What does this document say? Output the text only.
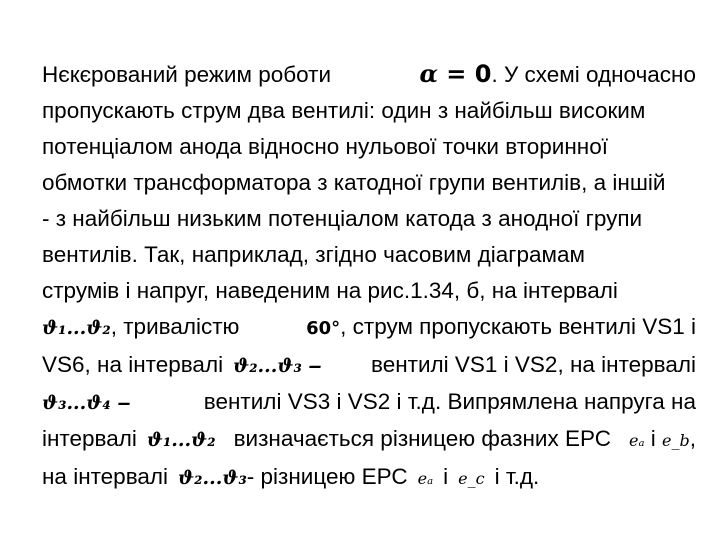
Нєкєрований режим роботи	α = 0. У схемі одночасно
пропускають струм два вентилі: один з найбільш високим
потенціалом анода відносно нульової точки вторинної
обмотки трансформатора з катодної групи вентилів, а іншій
- з найбільш низьким потенціалом катода з анодної групи
вентилів. Так, наприклад, згідно часовим діаграмам
струмів і напруг, наведеним на рис.1.34, б, на інтервалі
ϑ₁...ϑ₂, тривалістю	60°, струм пропускають вентилі VS1 і
VS6, на інтервалі ϑ₂...ϑ₃ ‒ вентилі VS1 і VS2, на інтервалі
ϑ₃...ϑ₄ ‒	вентилі VS3 і VS2 і т.д. Випрямлена напруга на
інтервалі ϑ₁...ϑ₂ визначається різницею фазних ЕРС eₐ і e_b,
на інтервалі ϑ₂...ϑ₃ - різницею ЕРС eₐ і e_c і т.д.
